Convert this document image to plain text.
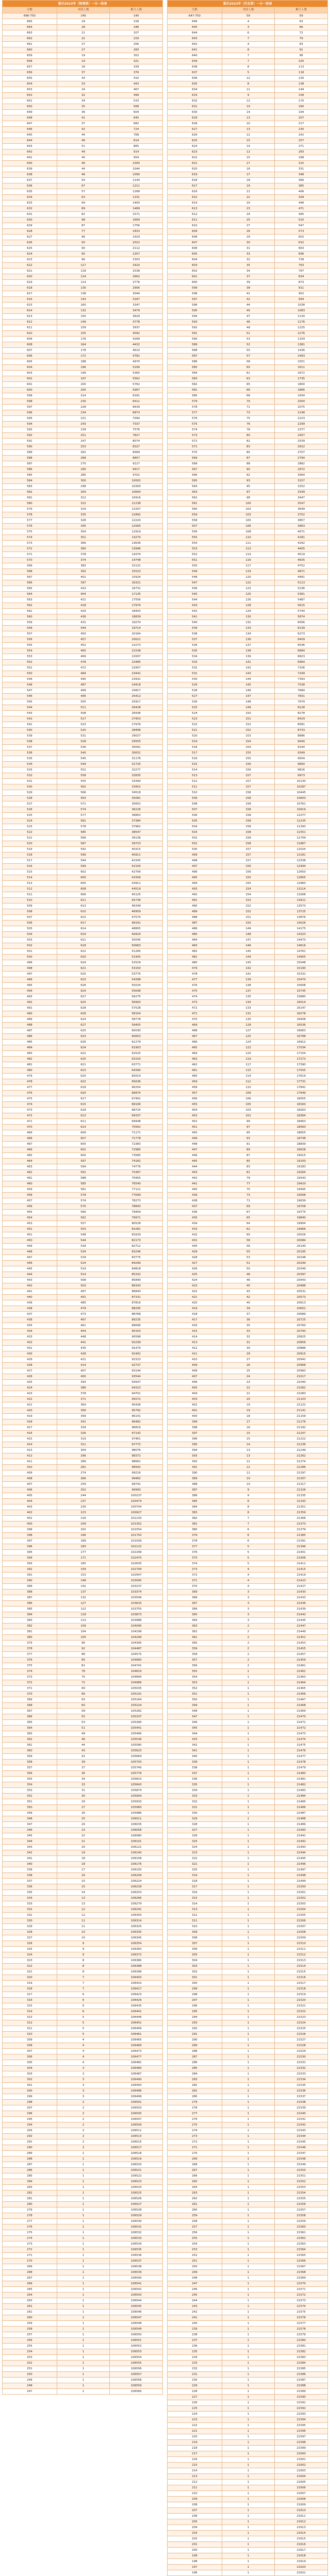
重庆2023年（物理类）一分一段表		
分数	本段人数	累计人数
666-750	140	140
665	18	158
664	28	186
663	21	207
662	22	229
661	27	256
660	27	283
659	19	302
658	19	321
657	18	339
656	37	376
655	34	410
654	33	443
653	24	467
652	32	499
651	34	533
650	35	568
649	36	604
648	41	645
647	37	682
646	42	724
645	44	768
644	46	814
643	51	865
642	49	914
641	40	954
640	46	1000
639	44	1044
638	46	1090
637	54	1144
636	67	1211
635	57	1268
634	63	1331
633	69	1400
632	89	1489
631	82	1571
630	98	1669
629	87	1756
628	77	1833
627	96	1929
626	93	2022
625	90	2112
624	95	2207
623	96	2303
622	117	2420
621	118	2538
620	124	2662
619	114	2776
618	130	2906
617	138	3044
616	143	3187
615	160	3347
614	132	3479
613	150	3629
612	149	3778
611	159	3937
610	155	4092
609	176	4268
608	164	4432
607	178	4610
606	172	4782
605	188	4970
604	196	5166
603	199	5365
602	197	5562
601	200	5762
600	205	5967
599	214	6181
598	230	6411
597	228	6639
596	234	6873
595	221	7094
594	243	7337
593	239	7576
592	251	7827
591	247	8074
590	253	8327
589	262	8589
588	268	8857
587	270	9127
586	290	9417
585	285	9702
584	300	10002
583	298	10300
582	304	10604
581	312	10916
580	322	11238
579	319	11557
578	335	11892
577	328	12220
576	345	12565
575	354	12919
574	351	13270
573	366	13636
572	360	13996
571	378	14374
570	374	14748
569	383	15131
568	392	15523
567	401	15924
566	397	16321
565	410	16731
564	404	17135
563	421	17556
562	418	17974
561	429	18403
560	436	18839
559	431	19270
558	444	19714
557	450	20164
556	457	20621
555	452	21073
554	465	21538
553	469	22007
552	478	22485
551	472	22957
550	484	23441
549	490	23931
548	487	24418
547	499	24917
546	495	25412
545	505	25917
544	511	26428
543	508	26936
542	517	27453
541	523	27976
540	520	28496
539	531	29027
538	528	29555
537	536	30091
536	540	30631
535	545	31176
534	549	31725
533	552	32277
532	558	32835
531	555	33390
530	562	33952
529	566	34518
528	563	35081
527	571	35652
526	574	36226
525	577	36803
524	581	37384
523	578	37962
522	585	38547
521	589	39136
520	587	39723
519	592	40315
518	596	40911
517	594	41505
516	599	42104
515	602	42706
514	600	43306
513	605	43911
512	608	44519
511	606	45125
510	611	45736
509	613	46349
508	610	46959
507	615	47574
506	617	48191
505	614	48805
504	619	49424
503	621	50045
502	618	50663
501	622	51285
500	620	51905
499	624	52529
498	621	53150
497	625	53775
496	623	54398
495	626	55024
494	624	55648
493	627	56275
492	625	56900
491	628	57528
490	626	58154
489	624	58778
488	627	59405
487	625	60030
486	623	60653
485	626	61279
484	624	61903
483	622	62525
482	625	63150
481	621	63771
480	623	64394
479	620	65014
478	622	65636
477	618	66254
476	620	66874
475	617	67491
474	615	68106
473	618	68724
472	613	69337
471	611	69948
470	614	70562
469	609	71171
468	607	71778
467	605	72383
466	602	72985
465	600	73585
464	597	74182
463	594	74776
462	591	75367
461	588	75955
460	585	76540
459	581	77121
458	578	77699
457	574	78273
456	570	78843
455	566	79409
454	562	79971
453	557	80528
452	553	81081
451	548	81629
450	544	82173
449	539	82712
448	534	83246
447	529	83775
446	524	84299
445	519	84818
444	514	85332
443	508	85840
442	503	86343
441	497	86840
440	491	87331
439	485	87816
438	479	88295
437	473	88768
436	467	89235
435	461	89696
434	454	90150
433	448	90598
432	441	91039
431	435	91474
430	428	91902
429	421	92323
428	414	92737
427	407	93144
426	400	93544
425	393	93937
424	386	94323
423	378	94701
422	371	95072
421	364	95436
420	356	95792
419	349	96141
418	341	96482
417	334	96816
416	326	97142
415	319	97461
414	311	97772
413	304	98076
412	296	98372
411	289	98661
410	281	98942
409	274	99216
408	266	99482
407	259	99741
406	252	99993
405	244	100237
404	237	100474
403	230	100704
402	223	100927
401	216	101143
400	209	101352
399	202	101554
398	196	101750
397	189	101939
396	183	102122
395	177	102299
394	171	102470
393	165	102635
392	159	102794
391	153	102947
390	148	103095
389	142	103237
388	137	103374
387	132	103506
386	127	103633
385	122	103755
384	118	103873
383	113	103986
382	109	104095
381	104	104199
380	100	104299
379	96	104395
378	92	104487
377	88	104575
376	85	104660
375	81	104741
374	78	104819
373	75	104894
372	72	104966
371	69	105035
370	66	105101
369	63	105164
368	60	105224
367	58	105282
366	55	105337
365	53	105390
364	51	105441
363	49	105490
362	46	105536
361	44	105580
360	43	105623
359	41	105664
358	39	105703
357	37	105740
356	36	105776
355	34	105810
354	33	105843
353	31	105874
352	30	105904
351	29	105933
350	27	105960
349	26	105986
348	25	106011
347	24	106035
346	23	106058
345	22	106080
344	21	106101
343	20	106121
342	19	106140
341	18	106158
340	18	106176
339	17	106193
338	16	106209
337	15	106224
336	15	106239
335	14	106253
334	13	106266
333	13	106279
332	12	106291
331	12	106303
330	11	106314
329	11	106325
328	10	106335
327	10	106345
326	9	106354
325	9	106363
324	9	106372
323	8	106380
322	8	106388
321	8	106396
320	7	106403
319	7	106410
318	7	106417
317	6	106423
316	6	106429
315	6	106435
314	6	106441
313	5	106446
312	5	106451
311	5	106456
310	5	106461
309	4	106465
308	4	106469
307	4	106473
306	4	106477
305	4	106481
304	3	106484
303	3	106487
302	3	106490
301	3	106493
300	3	106496
299	3	106499
298	2	106501
297	2	106503
296	2	106505
295	2	106507
294	2	106509
293	2	106511
292	2	106513
291	2	106515
290	2	106517
289	1	106518
288	1	106519
287	1	106520
286	1	106521
285	1	106522
284	1	106523
283	1	106524
282	1	106525
281	1	106526
280	1	106527
279	1	106528
278	1	106529
277	1	106530
276	1	106531
275	1	106532
274	1	106533
273	1	106534
272	1	106535
271	1	106536
270	1	106537
269	1	106538
268	1	106539
267	1	106540
266	1	106541
265	1	106542
264	1	106543
263	1	106544
262	1	106545
261	1	106546
260	1	106547
259	1	106548
258	1	106549
257	1	106550
256	1	106551
255	1	106552
254	1	106553
253	1	106554
252	1	106555
251	1	106556
250	1	106557
249	1	106558
248	1	106559
247	1	106560
重庆2023年（历史类）一分一段表		
分数	本段人数	累计人数
647-750	59	59
646	4	63
645	3	66
644	6	72
643	7	79
642	4	83
641	8	91
640	7	98
639	7	105
638	8	113
637	5	118
636	12	130
635	8	138
634	11	149
633	9	158
632	12	170
631	10	180
630	14	194
629	13	207
628	10	217
627	13	230
626	12	242
625	15	257
624	14	271
623	12	283
622	15	298
621	17	315
620	16	331
619	17	348
618	18	366
617	19	385
616	21	406
615	22	428
614	20	448
613	23	471
612	24	495
611	25	520
610	27	547
609	26	573
608	29	602
607	30	632
606	31	663
605	33	696
604	32	728
603	35	763
602	34	797
601	37	834
600	39	873
599	38	911
598	41	952
597	42	994
596	44	1038
595	45	1083
594	47	1130
593	46	1176
592	49	1225
591	51	1276
590	53	1329
589	52	1381
588	55	1436
587	57	1493
586	58	1551
585	60	1611
584	61	1672
583	63	1735
582	65	1800
581	66	1866
580	68	1934
579	70	2004
578	71	2075
577	73	2148
576	75	2223
575	76	2299
574	78	2377
573	80	2457
572	82	2539
571	83	2622
570	85	2707
569	87	2794
568	88	2882
567	90	2972
566	92	3064
565	93	3157
564	95	3252
563	97	3349
562	98	3447
561	100	3547
560	102	3649
559	103	3752
558	105	3857
557	106	3963
556	108	4071
555	110	4181
554	111	4292
553	113	4405
552	114	4519
551	116	4635
550	117	4752
549	119	4871
548	120	4991
547	122	5113
546	123	5236
545	125	5361
544	126	5487
543	128	5615
542	129	5744
541	130	5874
540	132	6006
539	133	6139
538	134	6273
537	136	6409
536	137	6546
535	138	6684
534	139	6823
533	141	6964
532	142	7106
531	143	7249
530	144	7393
529	145	7538
528	146	7684
527	147	7831
526	148	7979
525	149	8128
524	150	8278
523	151	8429
522	152	8581
521	152	8733
520	153	8886
519	154	9040
518	154	9194
517	155	9349
516	155	9504
515	156	9660
514	156	9816
513	157	9973
512	157	10130
511	157	10287
510	158	10445
509	158	10603
508	158	10761
507	158	10919
506	158	11077
505	158	11235
504	158	11393
503	158	11551
502	158	11709
501	158	11867
500	157	12024
499	157	12181
498	157	12338
497	156	12494
496	156	12650
495	155	12805
494	155	12960
493	154	13114
492	154	13268
491	153	13421
490	152	13573
489	152	13725
488	151	13876
487	150	14026
486	149	14175
485	148	14323
484	147	14470
483	146	14616
482	145	14761
481	144	14905
480	143	15048
479	142	15190
478	141	15331
477	139	15470
476	138	15608
475	137	15745
474	135	15880
473	134	16014
472	133	16147
471	131	16278
470	130	16408
469	128	16536
468	127	16663
467	125	16788
466	124	16912
465	122	17034
464	120	17154
463	119	17273
462	117	17390
461	115	17505
460	114	17619
459	112	17731
458	110	17841
457	108	17949
456	106	18055
455	105	18160
454	103	18263
453	101	18364
452	99	18463
451	97	18560
450	95	18655
449	93	18748
448	91	18839
447	89	18928
446	87	19015
445	85	19100
444	83	19183
443	81	19264
442	79	19343
441	77	19420
440	75	19495
439	73	19568
438	71	19639
437	69	19708
436	67	19775
435	65	19840
434	64	19904
433	62	19966
432	60	20026
431	58	20084
430	56	20140
429	55	20195
428	53	20248
427	51	20299
426	50	20349
425	48	20397
424	46	20443
423	45	20488
422	43	20531
421	42	20573
420	40	20613
419	39	20652
418	37	20689
417	36	20725
416	35	20760
415	33	20793
414	32	20825
413	31	20856
412	30	20886
411	29	20915
410	27	20942
409	26	20968
408	25	20993
407	24	21017
406	23	21040
405	22	21062
404	21	21083
403	20	21103
402	19	21122
401	19	21141
400	18	21159
399	17	21176
398	16	21192
397	15	21207
396	15	21222
395	14	21236
394	13	21249
393	13	21262
392	12	21274
391	12	21286
390	11	21297
389	10	21307
388	10	21317
387	9	21326
386	9	21335
385	8	21343
384	8	21351
383	8	21359
382	7	21366
381	7	21373
380	6	21379
379	6	21385
378	6	21391
377	5	21396
376	5	21401
375	5	21406
374	5	21411
373	4	21415
372	4	21419
371	4	21423
370	4	21427
369	3	21430
368	3	21433
367	3	21436
366	3	21439
365	3	21442
364	3	21445
363	2	21447
362	2	21449
361	2	21451
360	2	21453
359	2	21455
358	2	21457
357	2	21459
356	2	21461
355	1	21462
354	1	21463
353	1	21464
352	1	21465
351	1	21466
350	1	21467
349	1	21468
348	1	21469
347	1	21470
346	1	21471
345	1	21472
344	1	21473
343	1	21474
342	1	21475
341	1	21476
340	1	21477
339	1	21478
338	1	21479
337	1	21480
336	1	21481
335	1	21482
334	1	21483
333	1	21484
332	1	21485
331	1	21486
330	1	21487
329	1	21488
328	1	21489
327	1	21490
326	1	21491
325	1	21492
324	1	21493
323	1	21494
322	1	21495
321	1	21496
320	1	21497
319	1	21498
318	1	21499
317	1	21500
316	1	21501
315	1	21502
314	1	21503
313	1	21504
312	1	21505
311	1	21506
310	1	21507
309	1	21508
308	1	21509
307	1	21510
306	1	21511
305	1	21512
304	1	21513
303	1	21514
302	1	21515
301	1	21516
300	1	21517
299	1	21518
298	1	21519
297	1	21520
296	1	21521
295	1	21522
294	1	21523
293	1	21524
292	1	21525
291	1	21526
290	1	21527
289	1	21528
288	1	21529
287	1	21530
286	1	21531
285	1	21532
284	1	21533
283	1	21534
282	1	21535
281	1	21536
280	1	21537
279	1	21538
278	1	21539
277	1	21540
276	1	21541
275	1	21542
274	1	21543
273	1	21544
272	1	21545
271	1	21546
270	1	21547
269	1	21548
268	1	21549
267	1	21550
266	1	21551
265	1	21552
264	1	21553
263	1	21554
262	1	21555
261	1	21556
260	1	21557
259	1	21558
258	1	21559
257	1	21560
256	1	21561
255	1	21562
254	1	21563
253	1	21564
252	1	21565
251	1	21566
250	1	21567
249	1	21568
248	1	21569
247	1	21570
246	1	21571
245	1	21572
244	1	21573
243	1	21574
242	1	21575
241	1	21576
240	1	21577
239	1	21578
238	1	21579
237	1	21580
236	1	21581
235	1	21582
234	1	21583
233	1	21584
232	1	21585
231	1	21586
230	1	21587
229	1	21588
228	1	21589
227	1	21590
226	1	21591
225	1	21592
224	1	21593
223	1	21594
222	1	21595
221	1	21596
220	1	21597
219	1	21598
218	1	21599
217	1	21600
216	1	21601
215	1	21602
214	1	21603
213	1	21604
212	1	21605
211	1	21606
210	1	21607
209	1	21608
208	1	21609
207	1	21610
206	1	21611
205	1	21612
204	1	21613
203	1	21614
202	1	21615
201	1	21616
200	1	21617
199	1	21618
198	1	21619
197	1	21620
196	1	21621
